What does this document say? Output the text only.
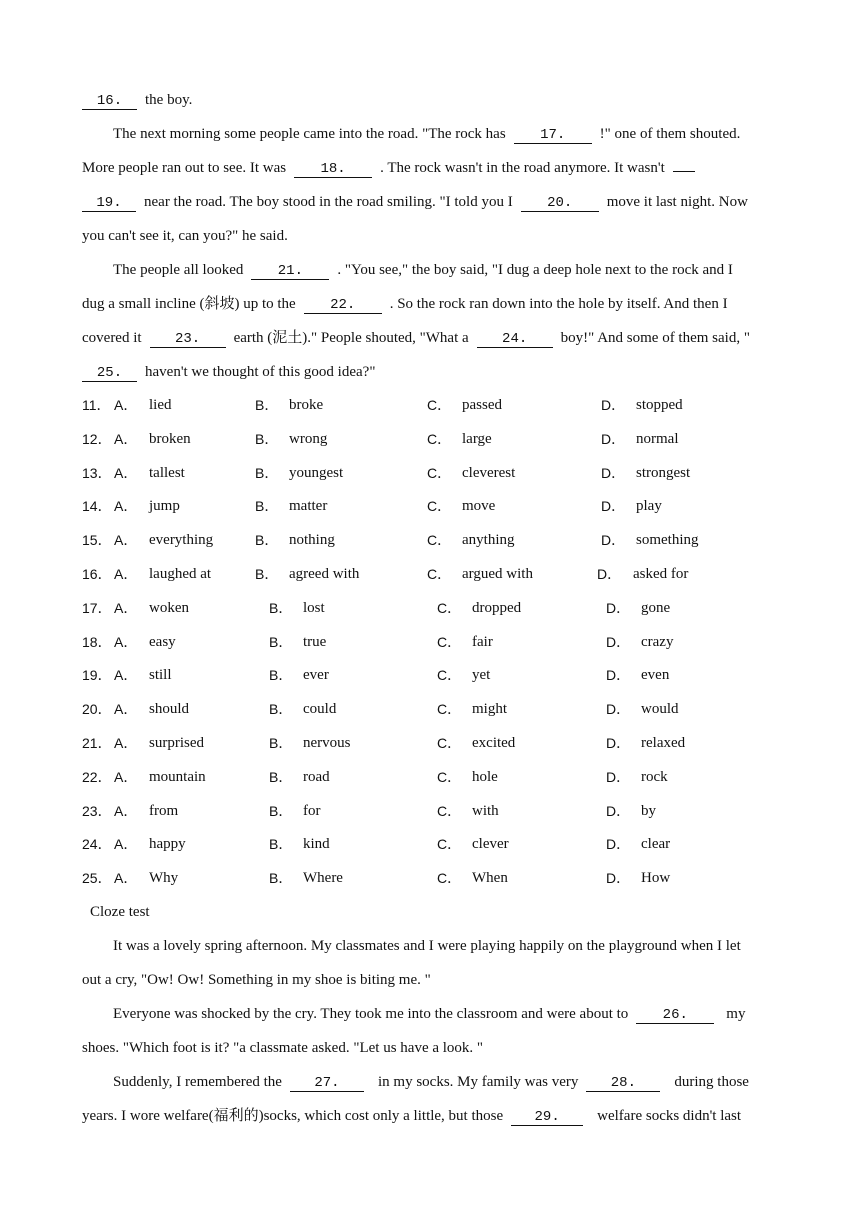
16. the boy.
The next morning some people came into the road. "The rock has 17. !" one of them shouted.
More people ran out to see. It was 18. . The rock wasn't in the road anymore. It wasn't
19. near the road. The boy stood in the road smiling. "I told you I 20. move it last night. Now
you can't see it, can you?" he said.
The people all looked 21. . "You see," the boy said, "I dug a deep hole next to the rock and I
dug a small incline (斜坡) up to the 22. . So the rock ran down into the hole by itself. And then I
covered it 23. earth (泥土)." People shouted, "What a 24. boy!" And some of them said, "
25. haven't we thought of this good idea?"
11． A． lied	B． broke	C． passed	D． stopped
12． A． broken	B． wrong	C． large	D． normal
13． A． tallest	B． youngest	C． cleverest	D． strongest
14． A． jump	B． matter	C． move	D． play
15． A． everything	B． nothing	C． anything	D． something
16． A． laughed at	B． agreed with	C． argued with	D． asked for
17． A． woken	B． lost	C． dropped	D． gone
18． A． easy	B． true	C． fair	D． crazy
19． A． still	B． ever	C． yet	D． even
20． A． should	B． could	C． might	D． would
21． A． surprised	B． nervous	C． excited	D． relaxed
22． A． mountain	B． road	C． hole	D． rock
23． A． from	B． for	C． with	D． by
24． A． happy	B． kind	C． clever	D． clear
25． A． Why	B． Where	C． When	D． How
Cloze test
It was a lovely spring afternoon. My classmates and I were playing happily on the playground when I let
out a cry, "Ow! Ow! Something in my shoe is biting me. "
Everyone was shocked by the cry. They took me into the classroom and were about to 26.	my
shoes. "Which foot is it? "a classmate asked. "Let us have a look. "
Suddenly, I remembered the 27.	in my socks. My family was very 28.	during those
years. I wore welfare(福利的)socks, which cost only a little, but those 29. welfare socks didn't last
